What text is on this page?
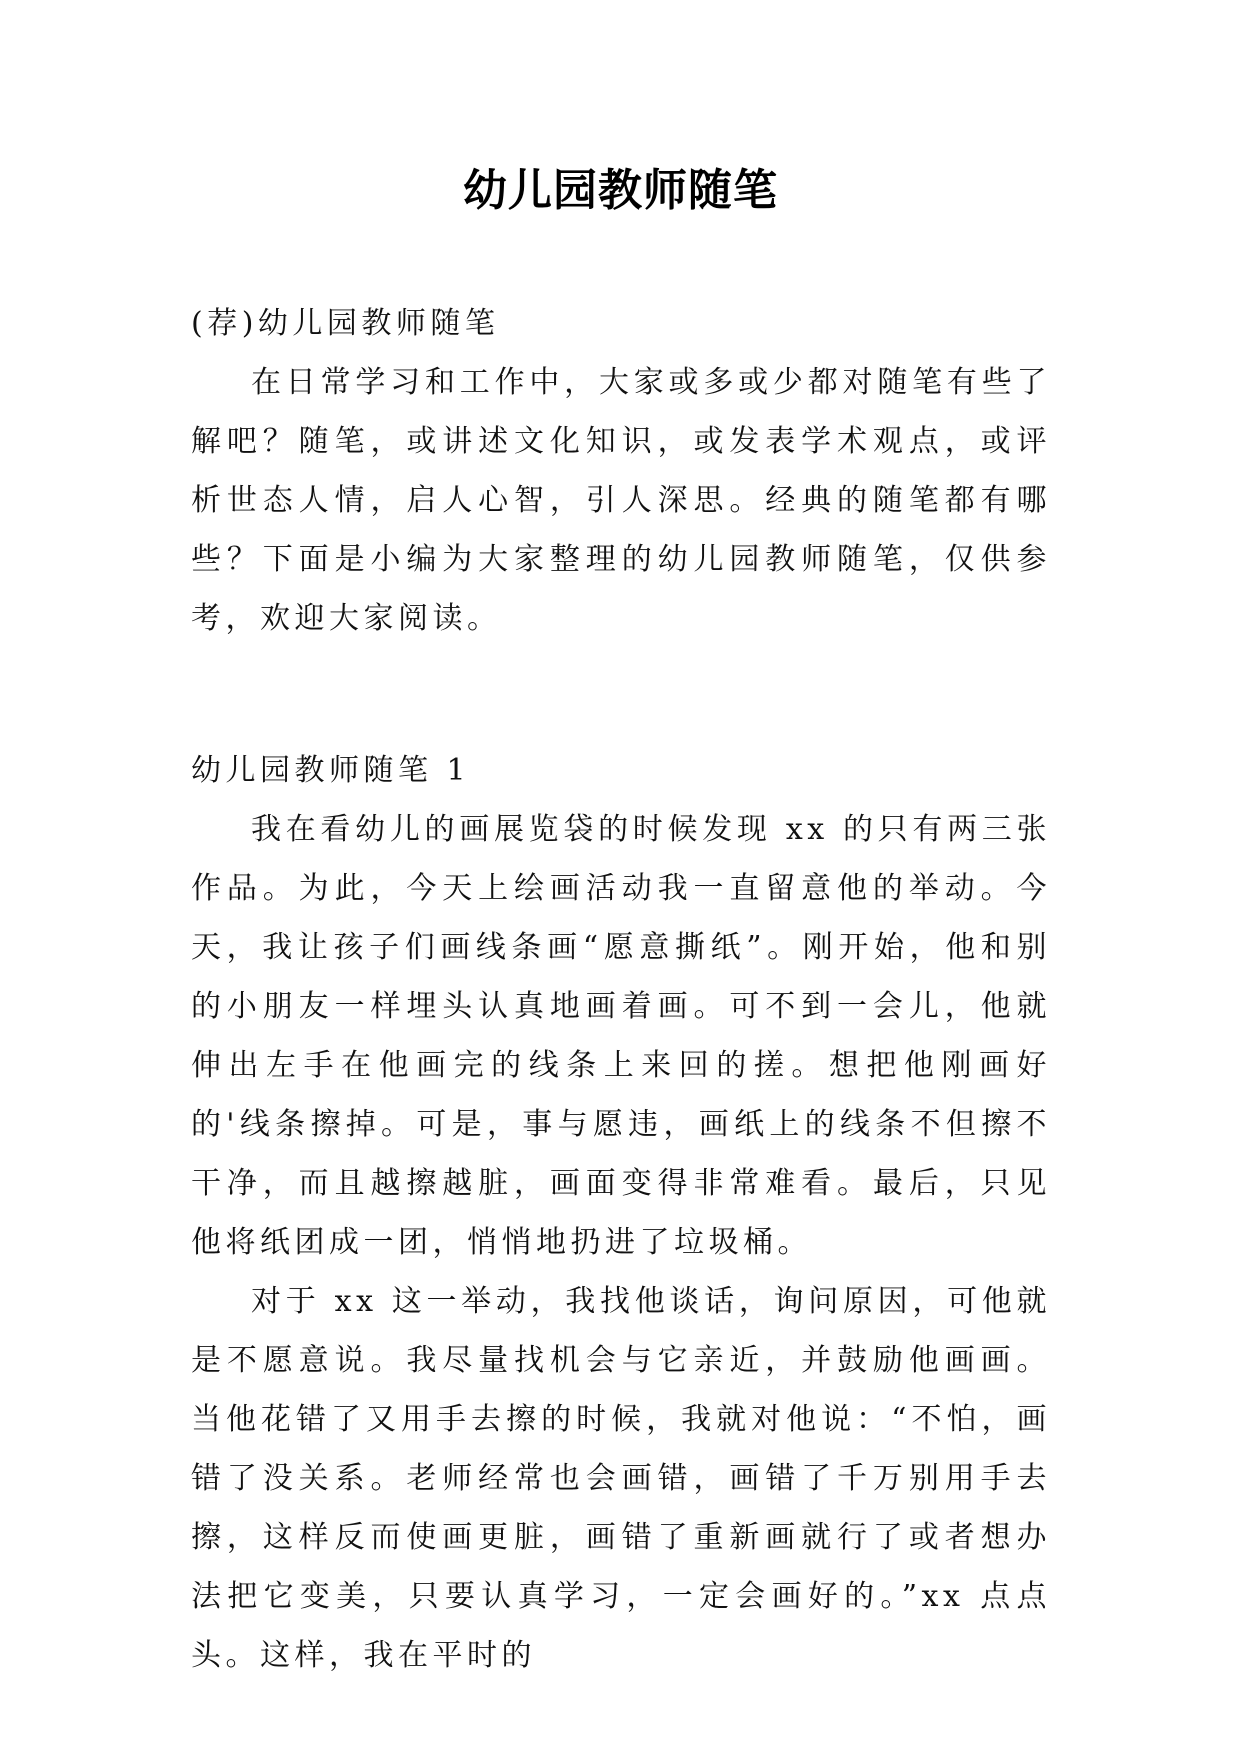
幼儿园教师随笔

(荐)幼儿园教师随笔

在日常学习和工作中，大家或多或少都对随笔有些了解吧？随笔，或讲述文化知识，或发表学术观点，或评析世态人情，启人心智，引人深思。经典的随笔都有哪些？下面是小编为大家整理的幼儿园教师随笔，仅供参考，欢迎大家阅读。

幼儿园教师随笔 1

我在看幼儿的画展览袋的时候发现 xx 的只有两三张作品。为此，今天上绘画活动我一直留意他的举动。今天，我让孩子们画线条画“愿意撕纸”。刚开始，他和别的小朋友一样埋头认真地画着画。可不到一会儿，他就伸出左手在他画完的线条上来回的搓。想把他刚画好的'线条擦掉。可是，事与愿违，画纸上的线条不但擦不干净，而且越擦越脏，画面变得非常难看。最后，只见他将纸团成一团，悄悄地扔进了垃圾桶。

对于 xx 这一举动，我找他谈话，询问原因，可他就是不愿意说。我尽量找机会与它亲近，并鼓励他画画。当他花错了又用手去擦的时候，我就对他说：“不怕，画错了没关系。老师经常也会画错，画错了千万别用手去擦，这样反而使画更脏，画错了重新画就行了或者想办法把它变美，只要认真学习，一定会画好的。”xx 点点头。这样，我在平时的
